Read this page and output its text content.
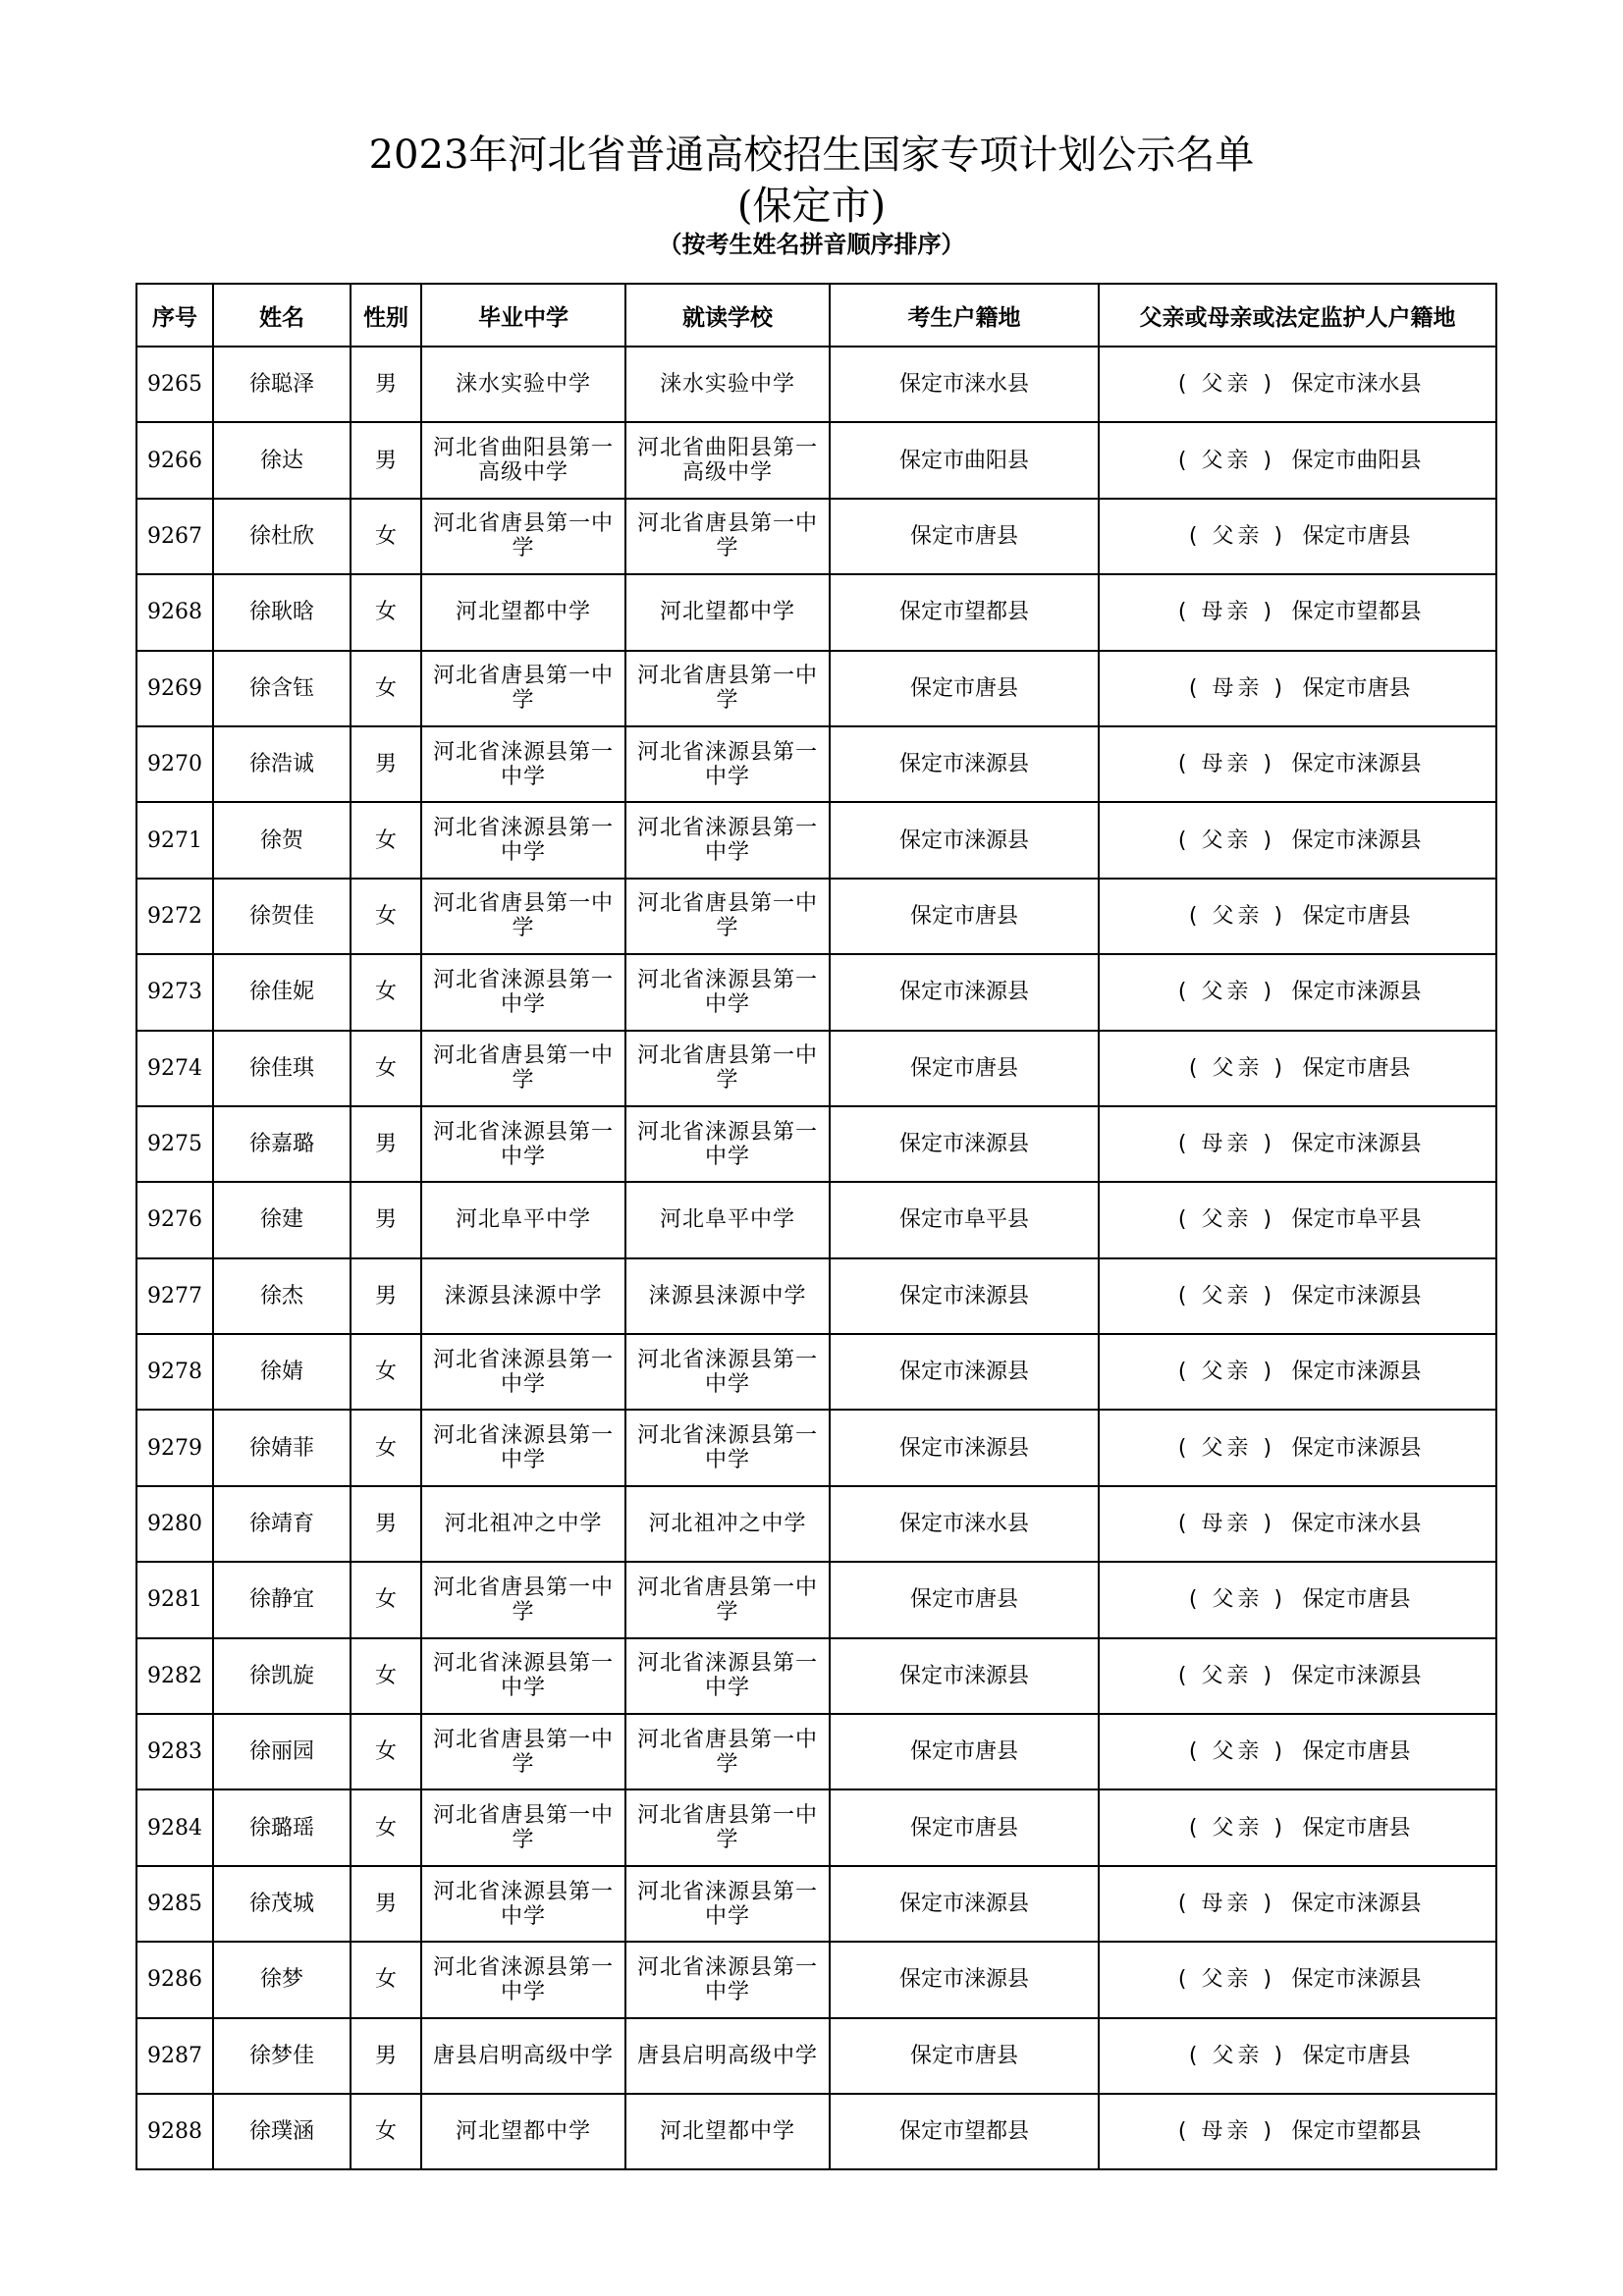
2023年河北省普通高校招生国家专项计划公示名单
(保定市)
（按考生姓名拼音顺序排序）
序号	姓名	性别	毕业中学	就读学校	考生户籍地	父亲或母亲或法定监护人户籍地
9265	徐聪泽	男	涞水实验中学	涞水实验中学	保定市涞水县	( 父亲 ) 保定市涞水县
9266	徐达	男	河北省曲阳县第一高级中学	河北省曲阳县第一高级中学	保定市曲阳县	( 父亲 ) 保定市曲阳县
9267	徐杜欣	女	河北省唐县第一中学	河北省唐县第一中学	保定市唐县	( 父亲 ) 保定市唐县
9268	徐耿晗	女	河北望都中学	河北望都中学	保定市望都县	( 母亲 ) 保定市望都县
9269	徐含钰	女	河北省唐县第一中学	河北省唐县第一中学	保定市唐县	( 母亲 ) 保定市唐县
9270	徐浩诚	男	河北省涞源县第一中学	河北省涞源县第一中学	保定市涞源县	( 母亲 ) 保定市涞源县
9271	徐贺	女	河北省涞源县第一中学	河北省涞源县第一中学	保定市涞源县	( 父亲 ) 保定市涞源县
9272	徐贺佳	女	河北省唐县第一中学	河北省唐县第一中学	保定市唐县	( 父亲 ) 保定市唐县
9273	徐佳妮	女	河北省涞源县第一中学	河北省涞源县第一中学	保定市涞源县	( 父亲 ) 保定市涞源县
9274	徐佳琪	女	河北省唐县第一中学	河北省唐县第一中学	保定市唐县	( 父亲 ) 保定市唐县
9275	徐嘉璐	男	河北省涞源县第一中学	河北省涞源县第一中学	保定市涞源县	( 母亲 ) 保定市涞源县
9276	徐建	男	河北阜平中学	河北阜平中学	保定市阜平县	( 父亲 ) 保定市阜平县
9277	徐杰	男	涞源县涞源中学	涞源县涞源中学	保定市涞源县	( 父亲 ) 保定市涞源县
9278	徐婧	女	河北省涞源县第一中学	河北省涞源县第一中学	保定市涞源县	( 父亲 ) 保定市涞源县
9279	徐婧菲	女	河北省涞源县第一中学	河北省涞源县第一中学	保定市涞源县	( 父亲 ) 保定市涞源县
9280	徐靖育	男	河北祖冲之中学	河北祖冲之中学	保定市涞水县	( 母亲 ) 保定市涞水县
9281	徐静宜	女	河北省唐县第一中学	河北省唐县第一中学	保定市唐县	( 父亲 ) 保定市唐县
9282	徐凯旋	女	河北省涞源县第一中学	河北省涞源县第一中学	保定市涞源县	( 父亲 ) 保定市涞源县
9283	徐丽园	女	河北省唐县第一中学	河北省唐县第一中学	保定市唐县	( 父亲 ) 保定市唐县
9284	徐璐瑶	女	河北省唐县第一中学	河北省唐县第一中学	保定市唐县	( 父亲 ) 保定市唐县
9285	徐茂城	男	河北省涞源县第一中学	河北省涞源县第一中学	保定市涞源县	( 母亲 ) 保定市涞源县
9286	徐梦	女	河北省涞源县第一中学	河北省涞源县第一中学	保定市涞源县	( 父亲 ) 保定市涞源县
9287	徐梦佳	男	唐县启明高级中学	唐县启明高级中学	保定市唐县	( 父亲 ) 保定市唐县
9288	徐璞涵	女	河北望都中学	河北望都中学	保定市望都县	( 母亲 ) 保定市望都县
